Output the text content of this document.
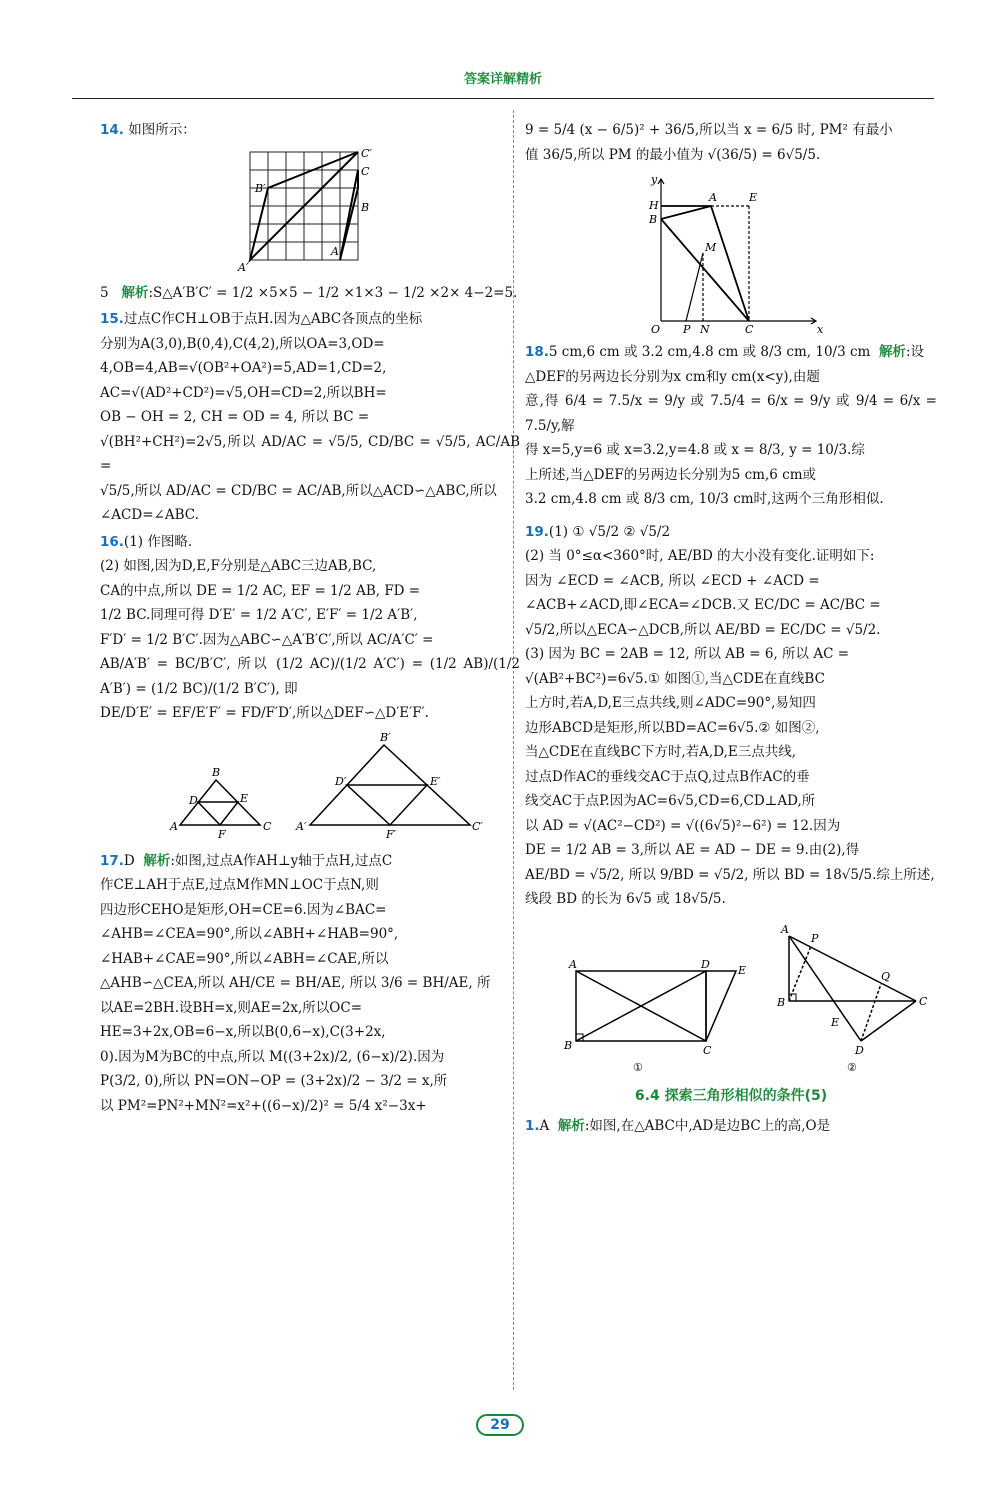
答案详解精析

14. 如图所示：

C′
C
B′
B
A′
A

5 解析:S△A′B′C′ = 1/2 ×5×5 − 1/2 ×1×3 − 1/2 ×2× 4−2=5.

15.过点C作CH⊥OB于点H.因为△ABC各顶点的坐标
分别为A(3,0),B(0,4),C(4,2),所以OA=3,OD=
4,OB=4,AB=√(OB²+OA²)=5,AD=1,CD=2,
AC=√(AD²+CD²)=√5,OH=CD=2,所以BH=
OB − OH = 2, CH = OD = 4, 所以 BC =
√(BH²+CH²)=2√5,所以 AD/AC = √5/5, CD/BC = √5/5, AC/AB =
√5/5,所以 AD/AC = CD/BC = AC/AB,所以△ACD∽△ABC,所以
∠ACD=∠ABC.
16.(1) 作图略.
(2) 如图,因为D,E,F分别是△ABC三边AB,BC,
CA的中点,所以 DE = 1/2 AC, EF = 1/2 AB, FD =
1/2 BC.同理可得 D′E′ = 1/2 A′C′, E′F′ = 1/2 A′B′,
F′D′ = 1/2 B′C′.因为△ABC∽△A′B′C′,所以 AC/A′C′ =
AB/A′B′ = BC/B′C′, 所以 (1/2 AC)/(1/2 A′C′) = (1/2 AB)/(1/2 A′B′) = (1/2 BC)/(1/2 B′C′), 即
DE/D′E′ = EF/E′F′ = FD/F′D′,所以△DEF∽△D′E′F′.
B
D	E
A
F
C
B′
D′	E′
A′
F′
C′
17.D 解析:如图,过点A作AH⊥y轴于点H,过点C
作CE⊥AH于点E,过点M作MN⊥OC于点N,则
四边形CEHO是矩形,OH=CE=6.因为∠BAC=
∠AHB=∠CEA=90°,所以∠ABH+∠HAB=90°,
∠HAB+∠CAE=90°,所以∠ABH=∠CAE,所以
△AHB∽△CEA,所以 AH/CE = BH/AE, 所以 3/6 = BH/AE, 所
以AE=2BH.设BH=x,则AE=2x,所以OC=
HE=3+2x,OB=6−x,所以B(0,6−x),C(3+2x,
0).因为M为BC的中点,所以 M((3+2x)/2, (6−x)/2).因为
P(3/2, 0),所以 PN=ON−OP = (3+2x)/2 − 3/2 = x,所
以 PM²=PN²+MN²=x²+((6−x)/2)² = 5/4 x²−3x+
9 = 5/4 (x − 6/5)² + 36/5,所以当 x = 6/5 时, PM² 有最小
值 36/5,所以 PM 的最小值为 √(36/5) = 6√5/5.
y
H
A	E
B
M
O P N	C	x
18.5 cm,6 cm 或 3.2 cm,4.8 cm 或 8/3 cm, 10/3 cm 解析:设
△DEF的另两边长分别为x cm和y cm(x<y),由题
意,得 6/4 = 7.5/x = 9/y 或 7.5/4 = 6/x = 9/y 或 9/4 = 6/x = 7.5/y,解
得 x=5,y=6 或 x=3.2,y=4.8 或 x = 8/3, y = 10/3.综
上所述,当△DEF的另两边长分别为5 cm,6 cm或
3.2 cm,4.8 cm 或 8/3 cm, 10/3 cm时,这两个三角形相似.
19.(1) ① √5/2 ② √5/2
(2) 当 0°≤α<360°时, AE/BD 的大小没有变化.证明如下:
因为 ∠ECD = ∠ACB, 所以 ∠ECD + ∠ACD =
∠ACB+∠ACD,即∠ECA=∠DCB.又 EC/DC = AC/BC =
√5/2,所以△ECA∽△DCB,所以 AE/BD = EC/DC = √5/2.
(3) 因为 BC = 2AB = 12, 所以 AB = 6, 所以 AC =
√(AB²+BC²)=6√5.① 如图①,当△CDE在直线BC
上方时,若A,D,E三点共线,则∠ADC=90°,易知四
边形ABCD是矩形,所以BD=AC=6√5.② 如图②,
当△CDE在直线BC下方时,若A,D,E三点共线,
过点D作AC的垂线交AC于点Q,过点B作AC的垂
线交AC于点P.因为AC=6√5,CD=6,CD⊥AD,所
以 AD = √(AC²−CD²) = √((6√5)²−6²) = 12.因为
DE = 1/2 AB = 3,所以 AE = AD − DE = 9.由(2),得
AE/BD = √5/2, 所以 9/BD = √5/2, 所以 BD = 18√5/5.综上所述,
线段 BD 的长为 6√5 或 18√5/5.
A	D	E
B	C
①
A
P
Q
B	C
E
D
②
6.4 探索三角形相似的条件(5)

1.A 解析:如图,在△ABC中,AD是边BC上的高,O是

29
